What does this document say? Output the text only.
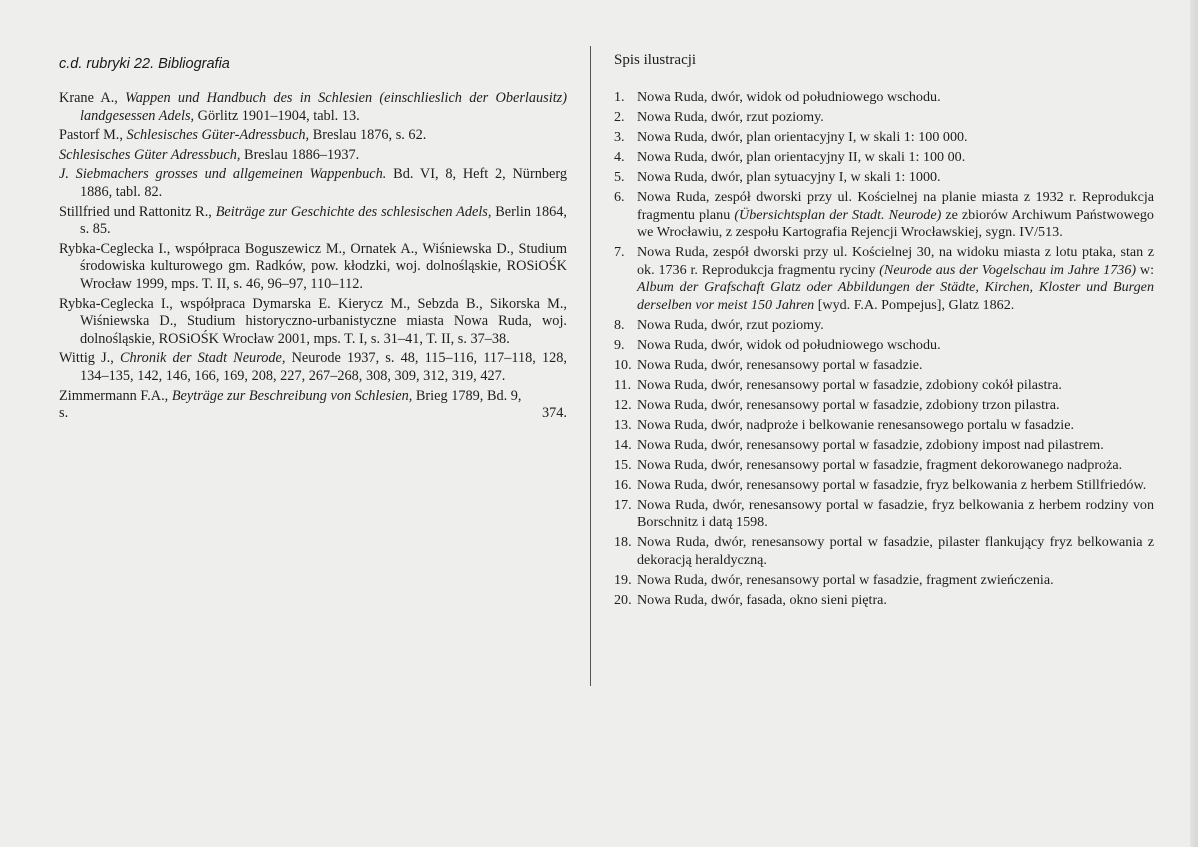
c.d. rubryki 22. Bibliografia
Krane A., Wappen und Handbuch des in Schlesien (einschlieslich der Oberlausitz) landgesessen Adels, Görlitz 1901–1904, tabl. 13.
Pastorf M., Schlesisches Güter-Adressbuch, Breslau 1876, s. 62.
Schlesisches Güter Adressbuch, Breslau 1886–1937.
J. Siebmachers grosses und allgemeinen Wappenbuch. Bd. VI, 8, Heft 2, Nürnberg 1886, tabl. 82.
Stillfried und Rattonitz R., Beiträge zur Geschichte des schlesischen Adels, Berlin 1864, s. 85.
Rybka-Ceglecka I., współpraca Boguszewicz M., Ornatek A., Wiśniewska D., Studium środowiska kulturowego gm. Radków, pow. kłodzki, woj. dolnośląskie, ROSiOŚK Wrocław 1999, mps. T. II, s. 46, 96–97, 110–112.
Rybka-Ceglecka I., współpraca Dymarska E. Kierycz M., Sebzda B., Sikorska M., Wiśniewska D., Studium historyczno-urbanistyczne miasta Nowa Ruda, woj. dolnośląskie, ROSiOŚK Wrocław 2001, mps. T. I, s. 31–41, T. II, s. 37–38.
Wittig J., Chronik der Stadt Neurode, Neurode 1937, s. 48, 115–116, 117–118, 128, 134–135, 142, 146, 166, 169, 208, 227, 267–268, 308, 309, 312, 319, 427.
Zimmermann F.A., Beyträge zur Beschreibung von Schlesien, Brieg 1789, Bd. 9,
s.	374.
Spis ilustracji
1. Nowa Ruda, dwór, widok od południowego wschodu.
2. Nowa Ruda, dwór, rzut poziomy.
3. Nowa Ruda, dwór, plan orientacyjny I, w skali 1: 100 000.
4. Nowa Ruda, dwór, plan orientacyjny II, w skali 1: 100 00.
5. Nowa Ruda, dwór, plan sytuacyjny I, w skali 1: 1000.
6. Nowa Ruda, zespół dworski przy ul. Kościelnej na planie miasta z 1932 r. Reprodukcja fragmentu planu (Übersichtsplan der Stadt. Neurode) ze zbiorów Archiwum Państwowego we Wrocławiu, z zespołu Kartografia Rejencji Wrocławskiej, sygn. IV/513.
7. Nowa Ruda, zespół dworski przy ul. Kościelnej 30, na widoku miasta z lotu ptaka, stan z ok. 1736 r. Reprodukcja fragmentu ryciny (Neurode aus der Vogelschau im Jahre 1736) w: Album der Grafschaft Glatz oder Abbildungen der Städte, Kirchen, Kloster und Burgen derselben vor meist 150 Jahren [wyd. F.A. Pompejus], Glatz 1862.
8. Nowa Ruda, dwór, rzut poziomy.
9. Nowa Ruda, dwór, widok od południowego wschodu.
10. Nowa Ruda, dwór, renesansowy portal w fasadzie.
11. Nowa Ruda, dwór, renesansowy portal w fasadzie, zdobiony cokół pilastra.
12. Nowa Ruda, dwór, renesansowy portal w fasadzie, zdobiony trzon pilastra.
13. Nowa Ruda, dwór, nadproże i belkowanie renesansowego portalu w fasadzie.
14. Nowa Ruda, dwór, renesansowy portal w fasadzie, zdobiony impost nad pilastrem.
15. Nowa Ruda, dwór, renesansowy portal w fasadzie, fragment dekorowanego nadproża.
16. Nowa Ruda, dwór, renesansowy portal w fasadzie, fryz belkowania z herbem Stillfriedów.
17. Nowa Ruda, dwór, renesansowy portal w fasadzie, fryz belkowania z herbem rodziny von Borschnitz i datą 1598.
18. Nowa Ruda, dwór, renesansowy portal w fasadzie, pilaster flankujący fryz belkowania z dekoracją heraldyczną.
19. Nowa Ruda, dwór, renesansowy portal w fasadzie, fragment zwieńczenia.
20. Nowa Ruda, dwór, fasada, okno sieni piętra.
